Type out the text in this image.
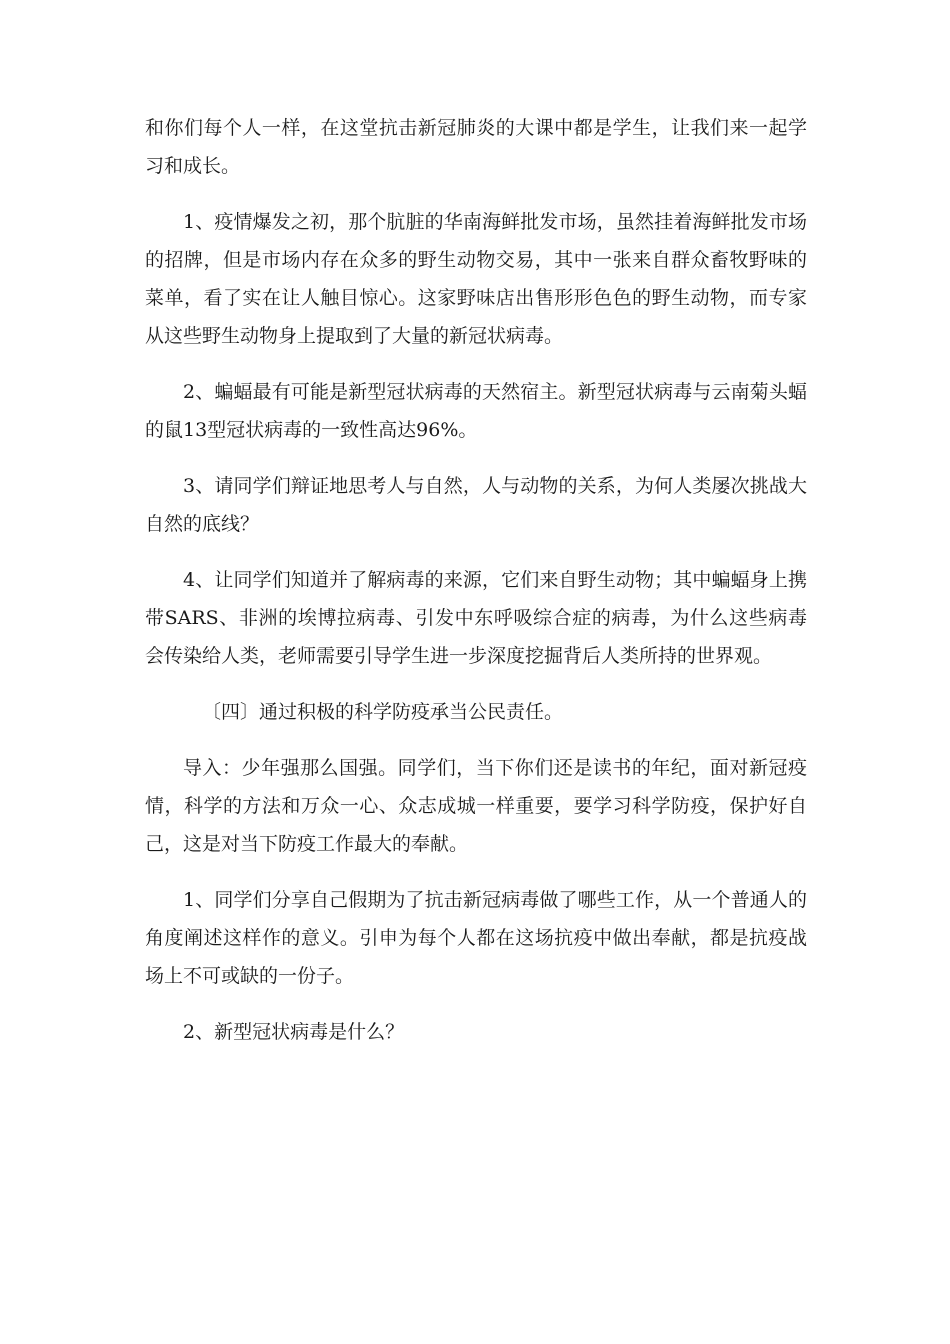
和你们每个人一样，在这堂抗击新冠肺炎的大课中都是学生，让我们来一起学习和成长。

1、疫情爆发之初，那个肮脏的华南海鲜批发市场，虽然挂着海鲜批发市场的招牌，但是市场内存在众多的野生动物交易，其中一张来自群众畜牧野味的菜单，看了实在让人触目惊心。这家野味店出售形形色色的野生动物，而专家从这些野生动物身上提取到了大量的新冠状病毒。

2、蝙蝠最有可能是新型冠状病毒的天然宿主。新型冠状病毒与云南菊头蝠的鼠13型冠状病毒的一致性高达96%。

3、请同学们辩证地思考人与自然，人与动物的关系，为何人类屡次挑战大自然的底线？

4、让同学们知道并了解病毒的来源，它们来自野生动物；其中蝙蝠身上携带SARS、非洲的埃博拉病毒、引发中东呼吸综合症的病毒，为什么这些病毒会传染给人类，老师需要引导学生进一步深度挖掘背后人类所持的世界观。

〔四〕通过积极的科学防疫承当公民责任。

导入：少年强那么国强。同学们，当下你们还是读书的年纪，面对新冠疫情，科学的方法和万众一心、众志成城一样重要，要学习科学防疫，保护好自己，这是对当下防疫工作最大的奉献。

1、同学们分享自己假期为了抗击新冠病毒做了哪些工作，从一个普通人的角度阐述这样作的意义。引申为每个人都在这场抗疫中做出奉献，都是抗疫战场上不可或缺的一份子。

2、新型冠状病毒是什么？
